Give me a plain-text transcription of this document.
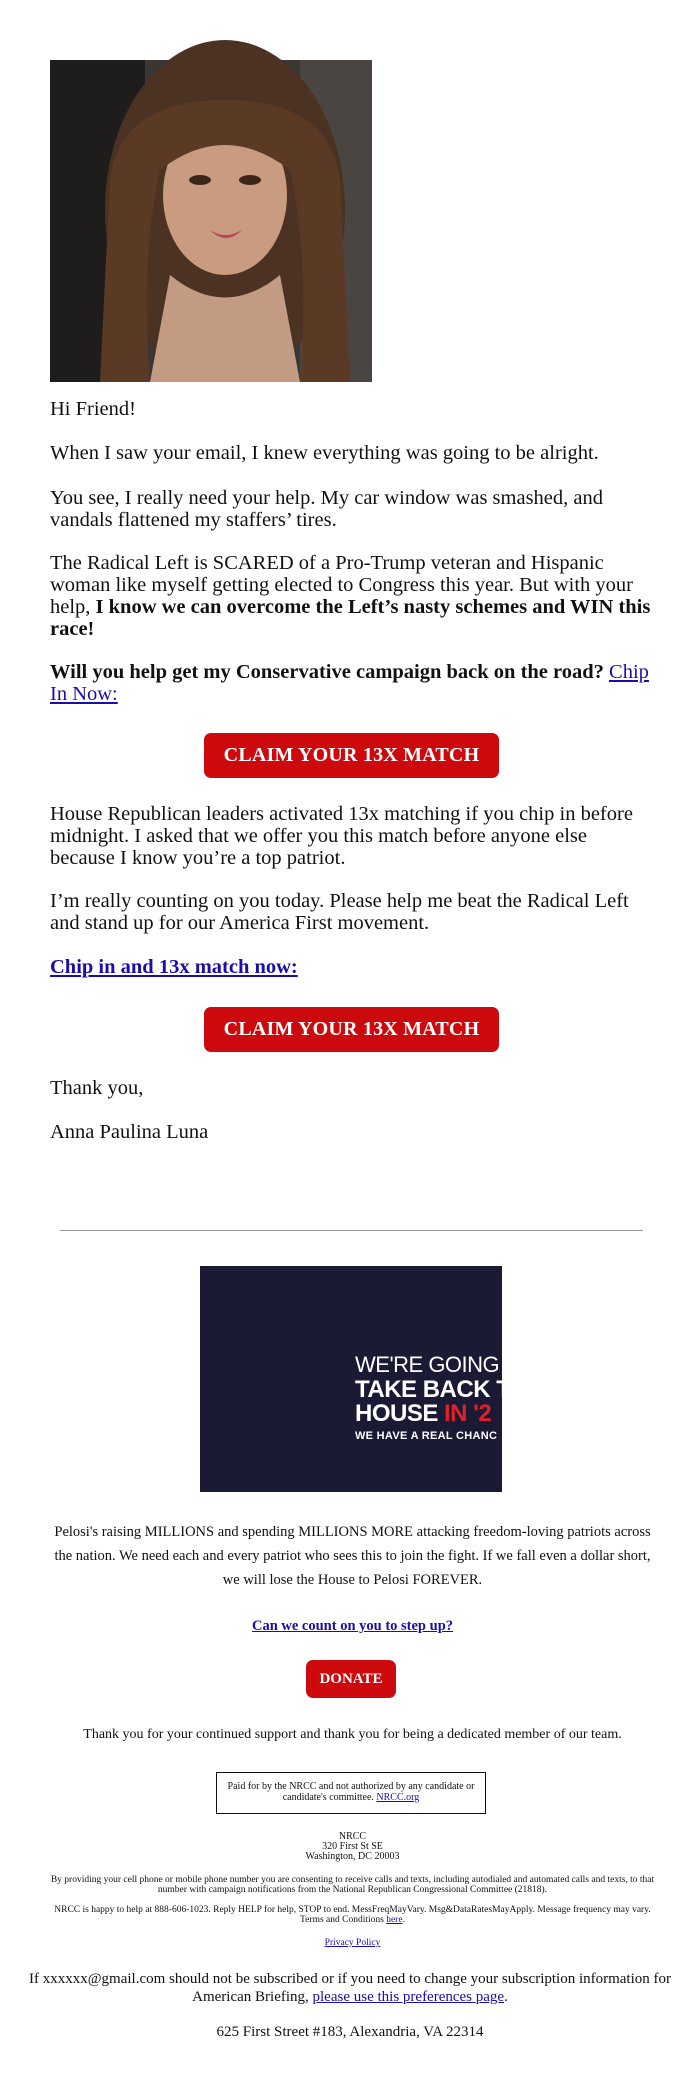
Hi Friend!
When I saw your email, I knew everything was going to be alright.
You see, I really need your help. My car window was smashed, and vandals flattened my staffers’ tires.
The Radical Left is SCARED of a Pro-Trump veteran and Hispanic woman like myself getting elected to Congress this year. But with your help, I know we can overcome the Left’s nasty schemes and WIN this race!
Will you help get my Conservative campaign back on the road? Chip In Now:
CLAIM YOUR 13X MATCH
House Republican leaders activated 13x matching if you chip in before midnight. I asked that we offer you this match before anyone else because I know you’re a top patriot.
I’m really counting on you today. Please help me beat the Radical Left and stand up for our America First movement.
Chip in and 13x match now:
CLAIM YOUR 13X MATCH
Thank you,
Anna Paulina Luna
WE'RE GOING T
TAKE BACK TH
HOUSE IN '2
WE HAVE A REAL CHANC
Pelosi's raising MILLIONS and spending MILLIONS MORE attacking freedom-loving patriots across the nation. We need each and every patriot who sees this to join the fight. If we fall even a dollar short, we will lose the House to Pelosi FOREVER.
Can we count on you to step up?
DONATE
Thank you for your continued support and thank you for being a dedicated member of our team.
Paid for by the NRCC and not authorized by any candidate or candidate's committee. NRCC.org
NRCC
320 First St SE
Washington, DC 20003
By providing your cell phone or mobile phone number you are consenting to receive calls and texts, including autodialed and automated calls and texts, to that number with campaign notifications from the National Republican Congressional Committee (21818).
NRCC is happy to help at 888-606-1023. Reply HELP for help, STOP to end. MessFreqMayVary. Msg&DataRatesMayApply. Message frequency may vary. Terms and Conditions here.
Privacy Policy
If xxxxxx@gmail.com should not be subscribed or if you need to change your subscription information for American Briefing, please use this preferences page.
625 First Street #183, Alexandria, VA 22314
